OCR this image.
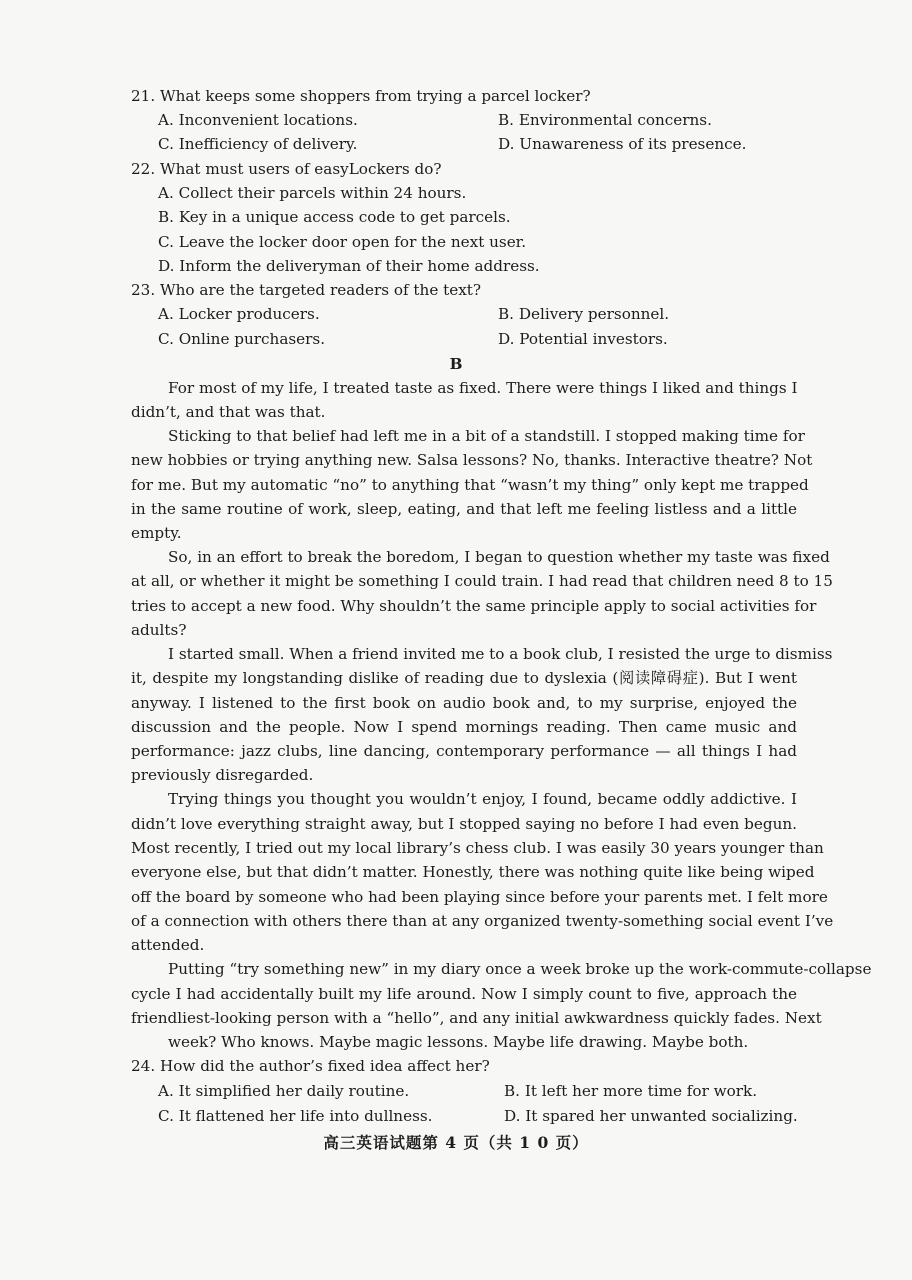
21. What keeps some shoppers from trying a parcel locker?
A. Inconvenient locations.	B. Environmental concerns.
C. Inefficiency of delivery.	D. Unawareness of its presence.
22. What must users of easyLockers do?
A. Collect their parcels within 24 hours.
B. Key in a unique access code to get parcels.
C. Leave the locker door open for the next user.
D. Inform the deliveryman of their home address.
23. Who are the targeted readers of the text?
A. Locker producers.	B. Delivery personnel.
C. Online purchasers.	D. Potential investors.
B
For most of my life, I treated taste as fixed. There were things I liked and things I
didn’t, and that was that.
Sticking to that belief had left me in a bit of a standstill. I stopped making time for
new hobbies or trying anything new. Salsa lessons? No, thanks. Interactive theatre? Not
for me. But my automatic “no” to anything that “wasn’t my thing” only kept me trapped
in the same routine of work, sleep, eating, and that left me feeling listless and a little
empty.
So, in an effort to break the boredom, I began to question whether my taste was fixed
at all, or whether it might be something I could train. I had read that children need 8 to 15
tries to accept a new food. Why shouldn’t the same principle apply to social activities for
adults?
I started small. When a friend invited me to a book club, I resisted the urge to dismiss
it, despite my longstanding dislike of reading due to dyslexia (阅读障碍症). But I went
anyway. I listened to the first book on audio book and, to my surprise, enjoyed the
discussion and the people. Now I spend mornings reading. Then came music and
performance: jazz clubs, line dancing, contemporary performance — all things I had
previously disregarded.
Trying things you thought you wouldn’t enjoy, I found, became oddly addictive. I
didn’t love everything straight away, but I stopped saying no before I had even begun.
Most recently, I tried out my local library’s chess club. I was easily 30 years younger than
everyone else, but that didn’t matter. Honestly, there was nothing quite like being wiped
off the board by someone who had been playing since before your parents met. I felt more
of a connection with others there than at any organized twenty-something social event I’ve
attended.
Putting “try something new” in my diary once a week broke up the work-commute-collapse
cycle I had accidentally built my life around. Now I simply count to five, approach the
friendliest-looking person with a “hello”, and any initial awkwardness quickly fades. Next
week? Who knows. Maybe magic lessons. Maybe life drawing. Maybe both.
24. How did the author’s fixed idea affect her?
A. It simplified her daily routine.	B. It left her more time for work.
C. It flattened her life into dullness.	D. It spared her unwanted socializing.
高三英语试题第 4 页（共 1 0 页）
